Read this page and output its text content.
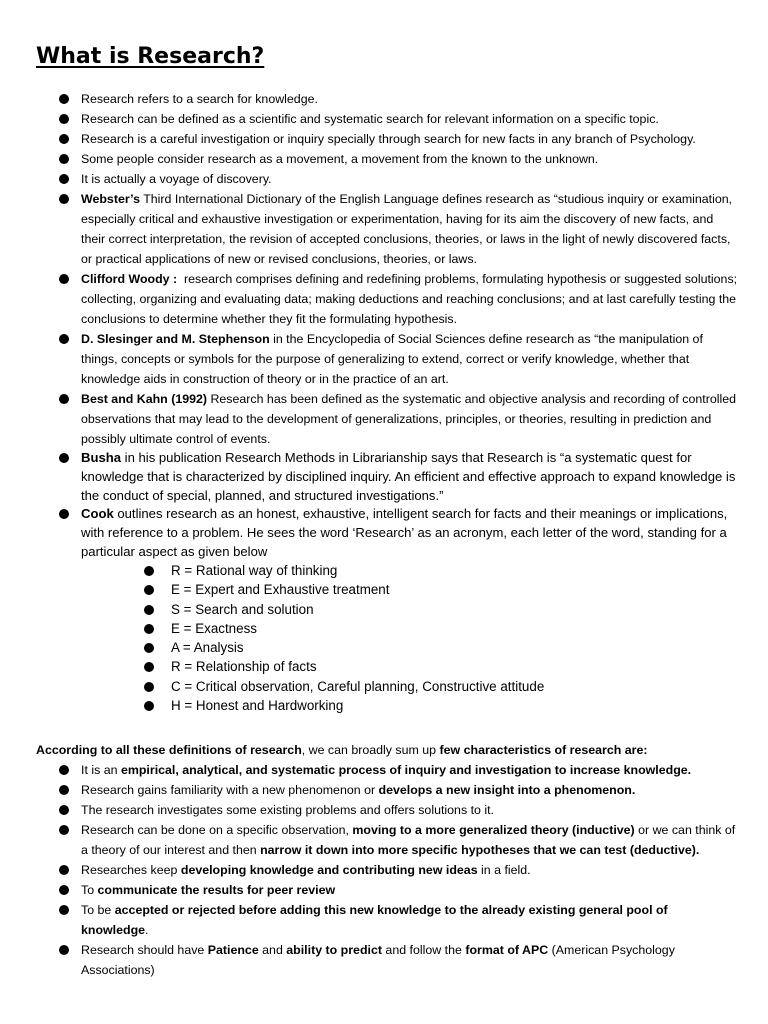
What is Research?
Research refers to a search for knowledge.
Research can be defined as a scientific and systematic search for relevant information on a specific topic.
Research is a careful investigation or inquiry specially through search for new facts in any branch of Psychology.
Some people consider research as a movement, a movement from the known to the unknown.
It is actually a voyage of discovery.
Webster’s Third International Dictionary of the English Language defines research as “studious inquiry or examination, especially critical and exhaustive investigation or experimentation, having for its aim the discovery of new facts, and their correct interpretation, the revision of accepted conclusions, theories, or laws in the light of newly discovered facts, or practical applications of new or revised conclusions, theories, or laws.
Clifford Woody :  research comprises defining and redefining problems, formulating hypothesis or suggested solutions; collecting, organizing and evaluating data; making deductions and reaching conclusions; and at last carefully testing the conclusions to determine whether they fit the formulating hypothesis.
D. Slesinger and M. Stephenson in the Encyclopedia of Social Sciences define research as “the manipulation of things, concepts or symbols for the purpose of generalizing to extend, correct or verify knowledge, whether that knowledge aids in construction of theory or in the practice of an art.
Best and Kahn (1992) Research has been defined as the systematic and objective analysis and recording of controlled observations that may lead to the development of generalizations, principles, or theories, resulting in prediction and possibly ultimate control of events.
Busha in his publication Research Methods in Librarianship says that Research is “a systematic quest for knowledge that is characterized by disciplined inquiry. An efficient and effective approach to expand knowledge is the conduct of special, planned, and structured investigations.”
Cook outlines research as an honest, exhaustive, intelligent search for facts and their meanings or implications, with reference to a problem. He sees the word ‘Research’ as an acronym, each letter of the word, standing for a particular aspect as given below
R = Rational way of thinking
E = Expert and Exhaustive treatment
S = Search and solution
E = Exactness
A = Analysis
R = Relationship of facts
C = Critical observation, Careful planning, Constructive attitude
H = Honest and Hardworking

According to all these definitions of research, we can broadly sum up few characteristics of research are:

It is an empirical, analytical, and systematic process of inquiry and investigation to increase knowledge.
Research gains familiarity with a new phenomenon or develops a new insight into a phenomenon.
The research investigates some existing problems and offers solutions to it.
Research can be done on a specific observation, moving to a more generalized theory (inductive) or we can think of a theory of our interest and then narrow it down into more specific hypotheses that we can test (deductive).
Researches keep developing knowledge and contributing new ideas in a field.
To communicate the results for peer review
To be accepted or rejected before adding this new knowledge to the already existing general pool of knowledge.
Research should have Patience and ability to predict and follow the format of APC (American Psychology Associations)
